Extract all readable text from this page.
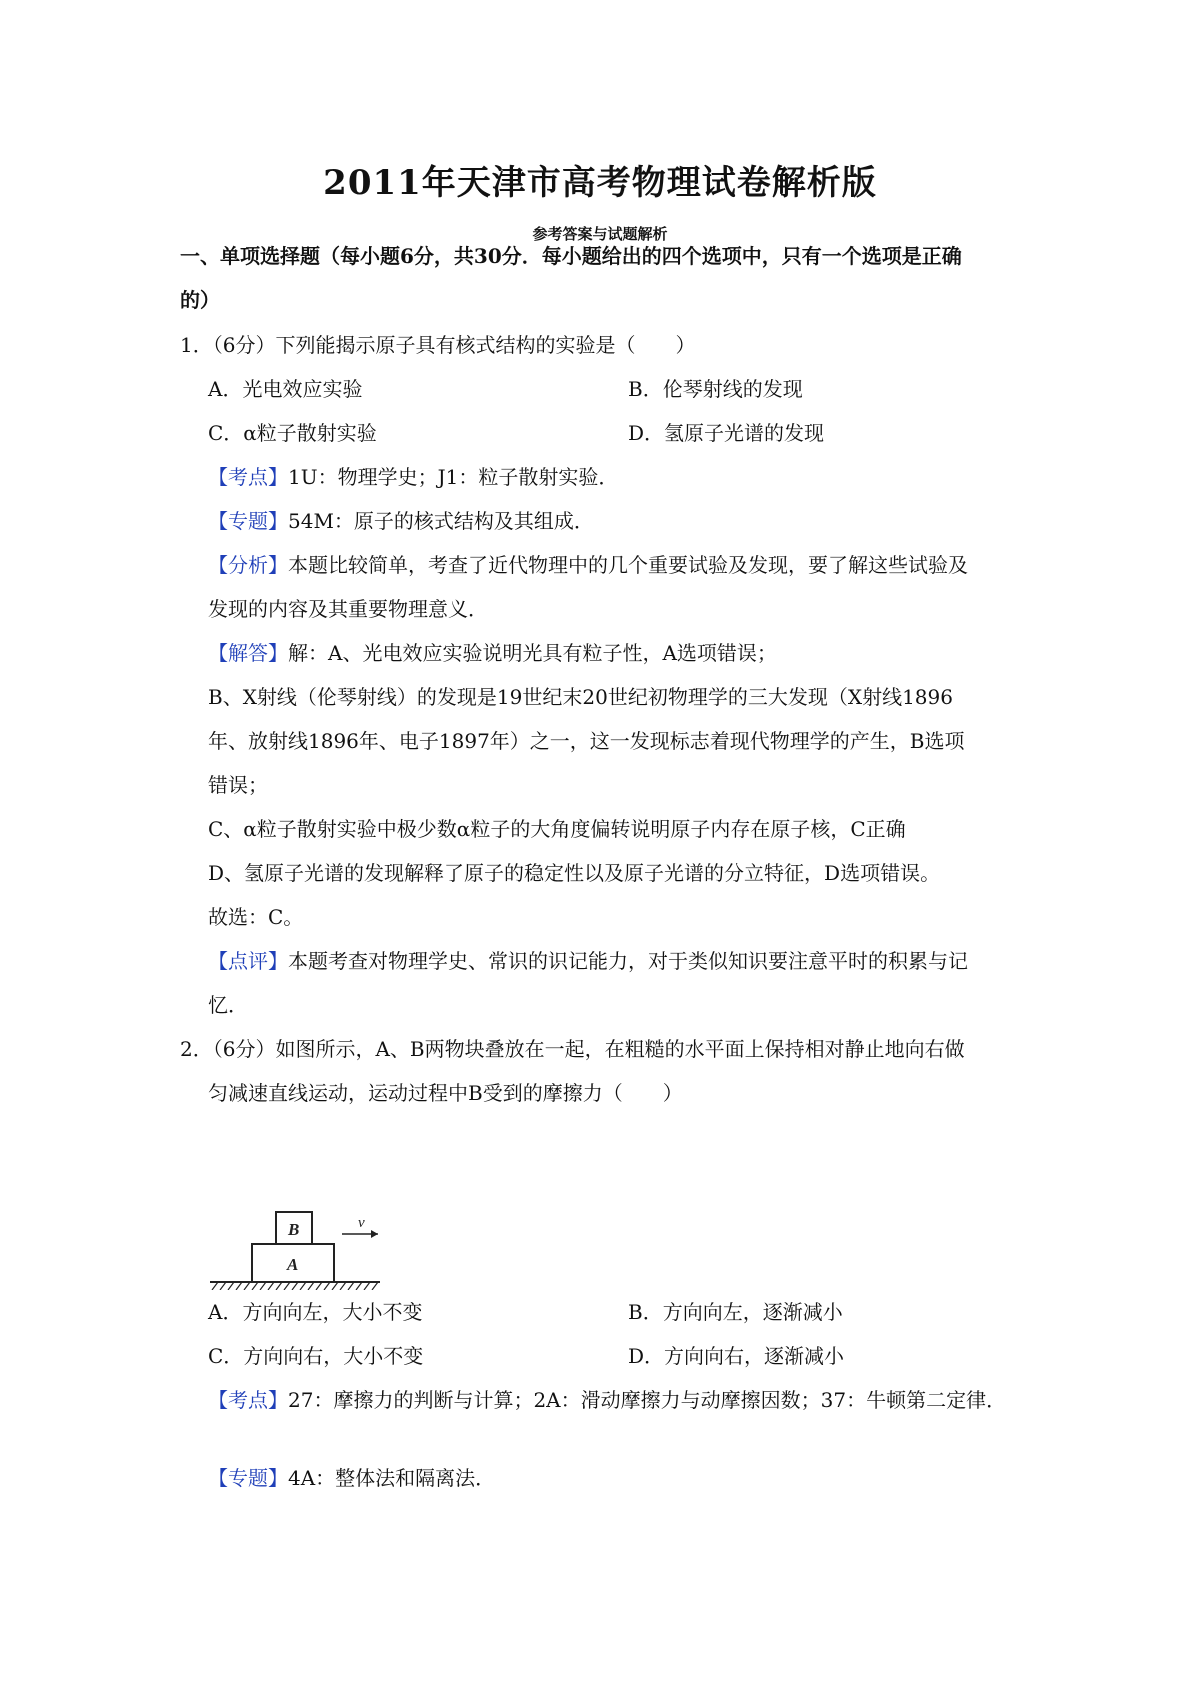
2011年天津市高考物理试卷解析版
参考答案与试题解析
一、单项选择题（每小题6分，共30分．每小题给出的四个选项中，只有一个选项是正确
的）
1．（6分）下列能揭示原子具有核式结构的实验是（　　）
A．光电效应实验	B．伦琴射线的发现
C．α粒子散射实验	D．氢原子光谱的发现
【考点】1U：物理学史；J1：粒子散射实验．
【专题】54M：原子的核式结构及其组成．
【分析】本题比较简单，考查了近代物理中的几个重要试验及发现，要了解这些试验及
发现的内容及其重要物理意义．
【解答】解：A、光电效应实验说明光具有粒子性，A选项错误；
B、X射线（伦琴射线）的发现是19世纪末20世纪初物理学的三大发现（X射线1896
年、放射线1896年、电子1897年）之一，这一发现标志着现代物理学的产生，B选项
错误；
C、α粒子散射实验中极少数α粒子的大角度偏转说明原子内存在原子核，C正确
D、氢原子光谱的发现解释了原子的稳定性以及原子光谱的分立特征，D选项错误。
故选：C。
【点评】本题考查对物理学史、常识的识记能力，对于类似知识要注意平时的积累与记
忆．
2．（6分）如图所示，A、B两物块叠放在一起，在粗糙的水平面上保持相对静止地向右做
匀减速直线运动，运动过程中B受到的摩擦力（　　）
B
A
v
A．方向向左，大小不变	B．方向向左，逐渐减小
C．方向向右，大小不变	D．方向向右，逐渐减小
【考点】27：摩擦力的判断与计算；2A：滑动摩擦力与动摩擦因数；37：牛顿第二定律．
【专题】4A：整体法和隔离法．
